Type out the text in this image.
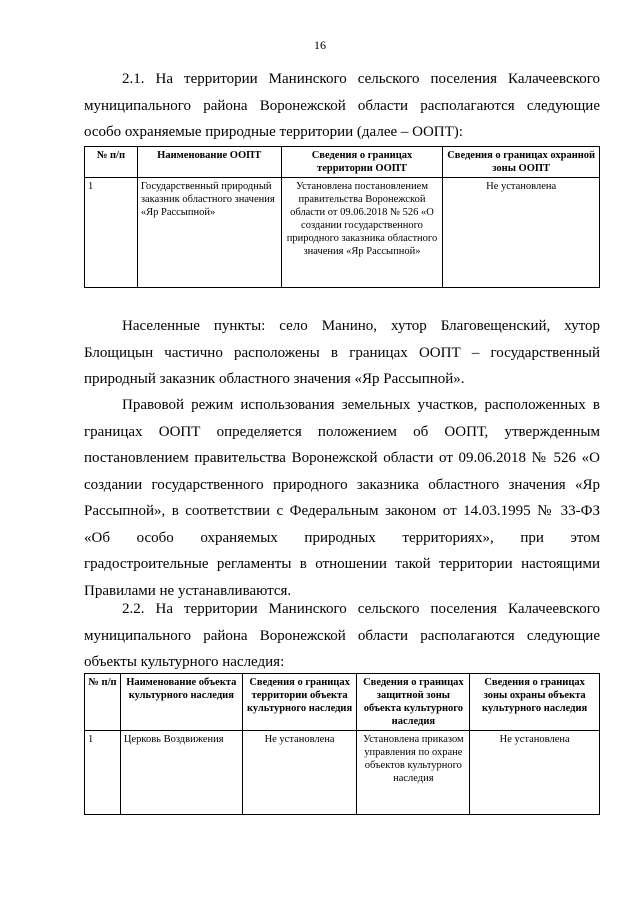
16
2.1. На территории Манинского сельского поселения Калачеевского
муниципального района Воронежской области располагаются следующие
особо охраняемые природные территории (далее – ООПТ):
№ п/п	Наименование ООПТ	Сведения о границах территории ООПТ	Сведения о границах охранной зоны ООПТ
1	Государственный природный заказник областного значения «Яр Рассыпной»	Установлена постановлением правительства Воронежской области от 09.06.2018 № 526 «О создании государственного природного заказника областного значения «Яр Рассыпной»	Не установлена
Населенные пункты: село Манино, хутор Благовещенский, хутор
Блощицын частично расположены в границах ООПТ – государственный
природный заказник областного значения «Яр Рассыпной».
Правовой режим использования земельных участков, расположенных в
границах ООПТ определяется положением об ООПТ, утвержденным
постановлением правительства Воронежской области от 09.06.2018 № 526 «О
создании государственного природного заказника областного значения «Яр
Рассыпной», в соответствии с Федеральным законом от 14.03.1995 № 33-ФЗ
«Об особо охраняемых природных территориях», при этом
градостроительные регламенты в отношении такой территории настоящими
Правилами не устанавливаются.
2.2. На территории Манинского сельского поселения Калачеевского
муниципального района Воронежской области располагаются следующие
объекты культурного наследия:
№ п/п	Наименование объекта культурного наследия	Сведения о границах территории объекта культурного наследия	Сведения о границах защитной зоны объекта культурного наследия	Сведения о границах зоны охраны объекта культурного наследия
1	Церковь Воздвижения	Не установлена	Установлена приказом управления по охране объектов культурного наследия	Не установлена
